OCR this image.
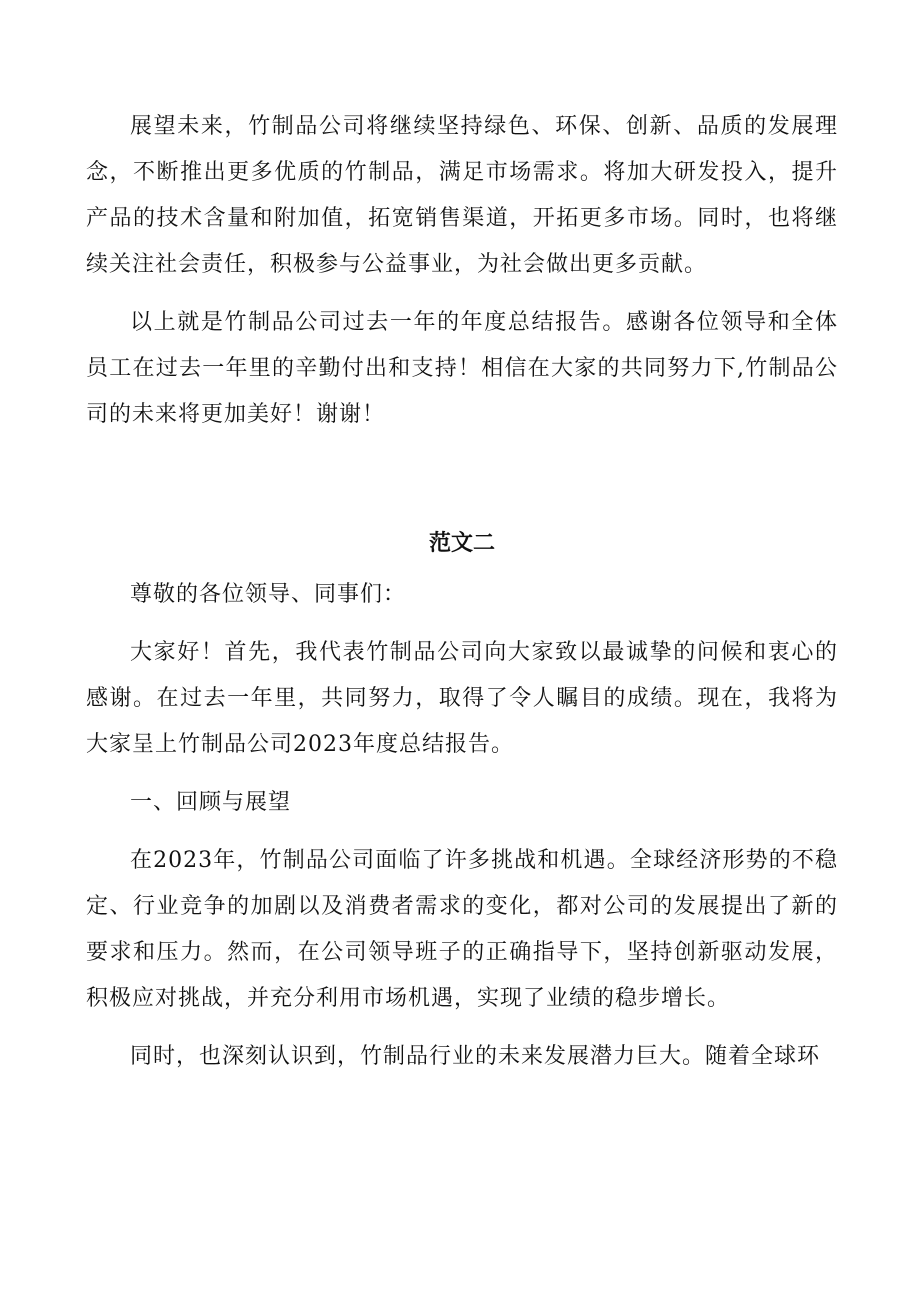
展望未来，竹制品公司将继续坚持绿色、环保、创新、品质的发展理念，不断推出更多优质的竹制品，满足市场需求。将加大研发投入，提升产品的技术含量和附加值，拓宽销售渠道，开拓更多市场。同时，也将继续关注社会责任，积极参与公益事业，为社会做出更多贡献。

以上就是竹制品公司过去一年的年度总结报告。感谢各位领导和全体员工在过去一年里的辛勤付出和支持！相信在大家的共同努力下,竹制品公司的未来将更加美好！谢谢！

范文二

尊敬的各位领导、同事们：

大家好！首先，我代表竹制品公司向大家致以最诚挚的问候和衷心的感谢。在过去一年里，共同努力，取得了令人瞩目的成绩。现在，我将为大家呈上竹制品公司2023年度总结报告。

一、回顾与展望

在2023年，竹制品公司面临了许多挑战和机遇。全球经济形势的不稳定、行业竞争的加剧以及消费者需求的变化，都对公司的发展提出了新的要求和压力。然而，在公司领导班子的正确指导下，坚持创新驱动发展，积极应对挑战，并充分利用市场机遇，实现了业绩的稳步增长。

同时，也深刻认识到，竹制品行业的未来发展潜力巨大。随着全球环
